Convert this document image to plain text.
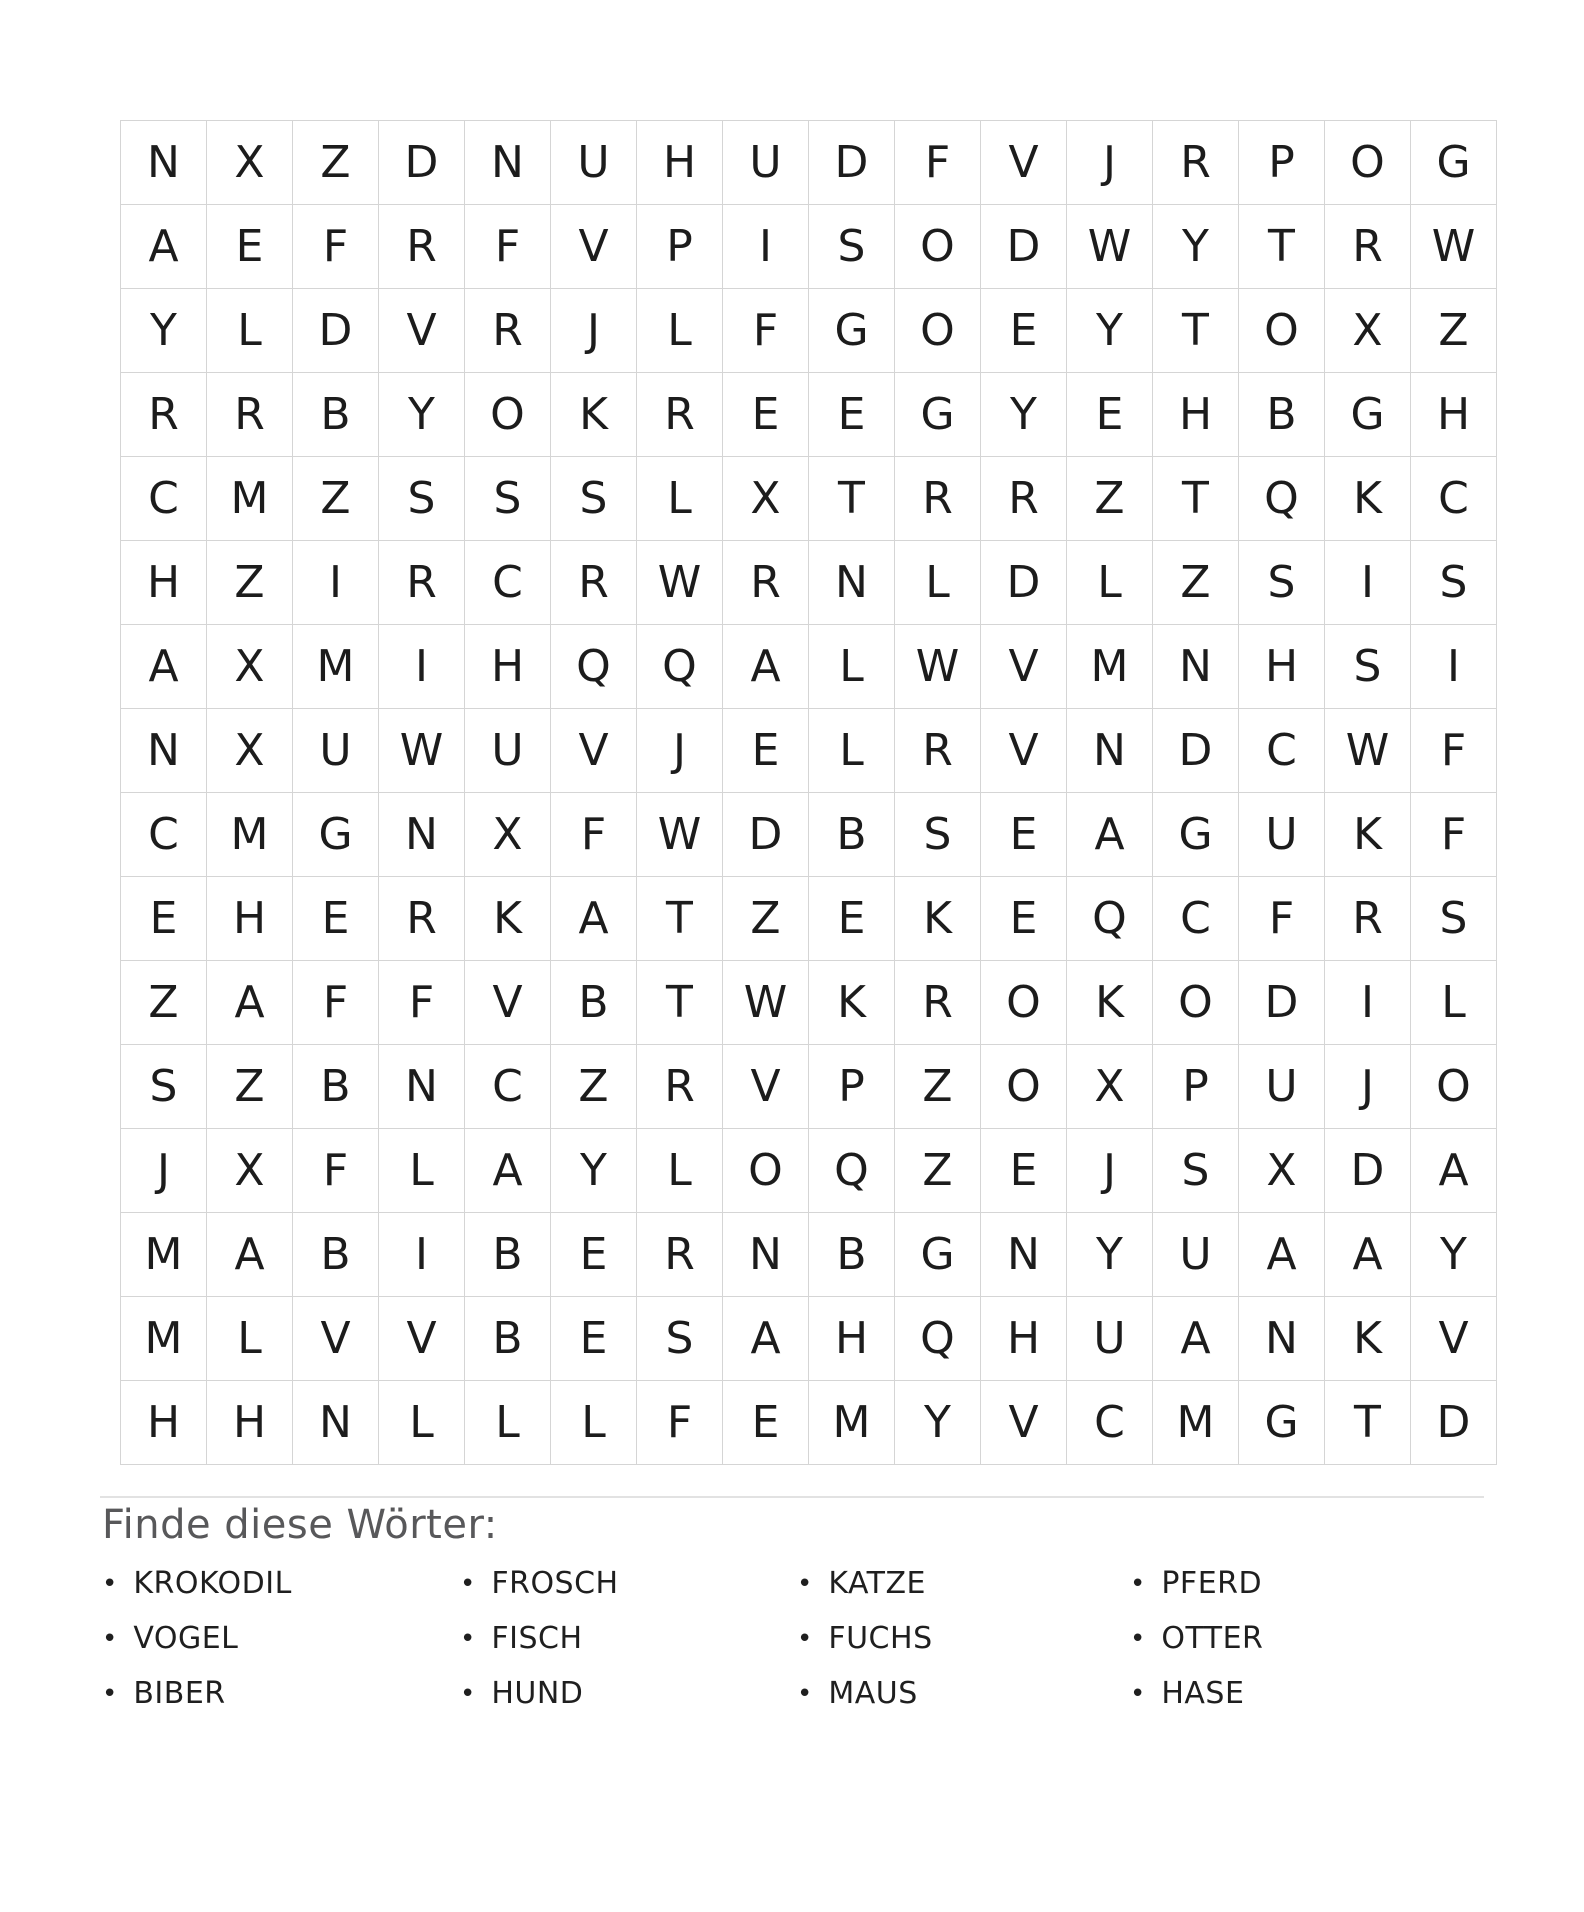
N	X	Z	D	N	U	H	U	D	F	V	J	R	P	O	G
A	E	F	R	F	V	P	I	S	O	D	W	Y	T	R	W
Y	L	D	V	R	J	L	F	G	O	E	Y	T	O	X	Z
R	R	B	Y	O	K	R	E	E	G	Y	E	H	B	G	H
C	M	Z	S	S	S	L	X	T	R	R	Z	T	Q	K	C
H	Z	I	R	C	R	W	R	N	L	D	L	Z	S	I	S
A	X	M	I	H	Q	Q	A	L	W	V	M	N	H	S	I
N	X	U	W	U	V	J	E	L	R	V	N	D	C	W	F
C	M	G	N	X	F	W	D	B	S	E	A	G	U	K	F
E	H	E	R	K	A	T	Z	E	K	E	Q	C	F	R	S
Z	A	F	F	V	B	T	W	K	R	O	K	O	D	I	L
S	Z	B	N	C	Z	R	V	P	Z	O	X	P	U	J	O
J	X	F	L	A	Y	L	O	Q	Z	E	J	S	X	D	A
M	A	B	I	B	E	R	N	B	G	N	Y	U	A	A	Y
M	L	V	V	B	E	S	A	H	Q	H	U	A	N	K	V
H	H	N	L	L	L	F	E	M	Y	V	C	M	G	T	D
Finde diese Wörter:
• KROKODIL
• VOGEL
• BIBER
• FROSCH
• FISCH
• HUND
• KATZE
• FUCHS
• MAUS
• PFERD
• OTTER
• HASE
